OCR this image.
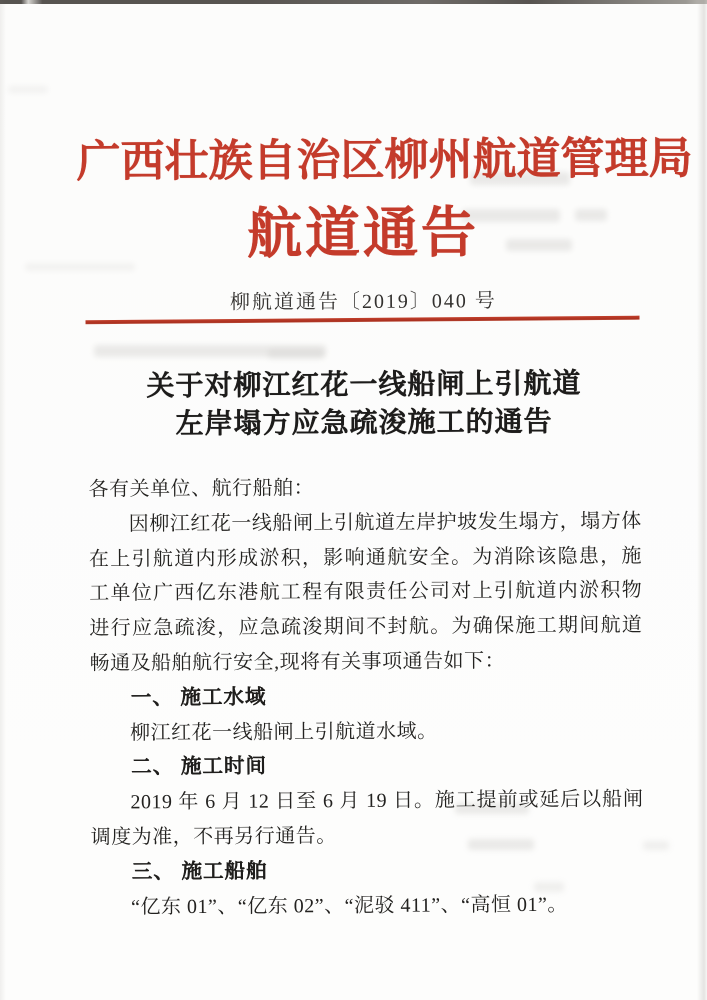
广西壮族自治区柳州航道管理局
航道通告
柳航道通告〔2019〕040 号
关于对柳江红花一线船闸上引航道
左岸塌方应急疏浚施工的通告

各有关单位、航行船舶：

因柳江红花一线船闸上引航道左岸护坡发生塌方，塌方体在上引航道内形成淤积，影响通航安全。为消除该隐患，施工单位广西亿东港航工程有限责任公司对上引航道内淤积物进行应急疏浚，应急疏浚期间不封航。为确保施工期间航道畅通及船舶航行安全,现将有关事项通告如下：

一、 施工水域

柳江红花一线船闸上引航道水域。

二、 施工时间

2019 年 6 月 12 日至 6 月 19 日。施工提前或延后以船闸调度为准，不再另行通告。

三、 施工船舶

“亿东 01”、“亿东 02”、“泥驳 411”、“高恒 01”。
